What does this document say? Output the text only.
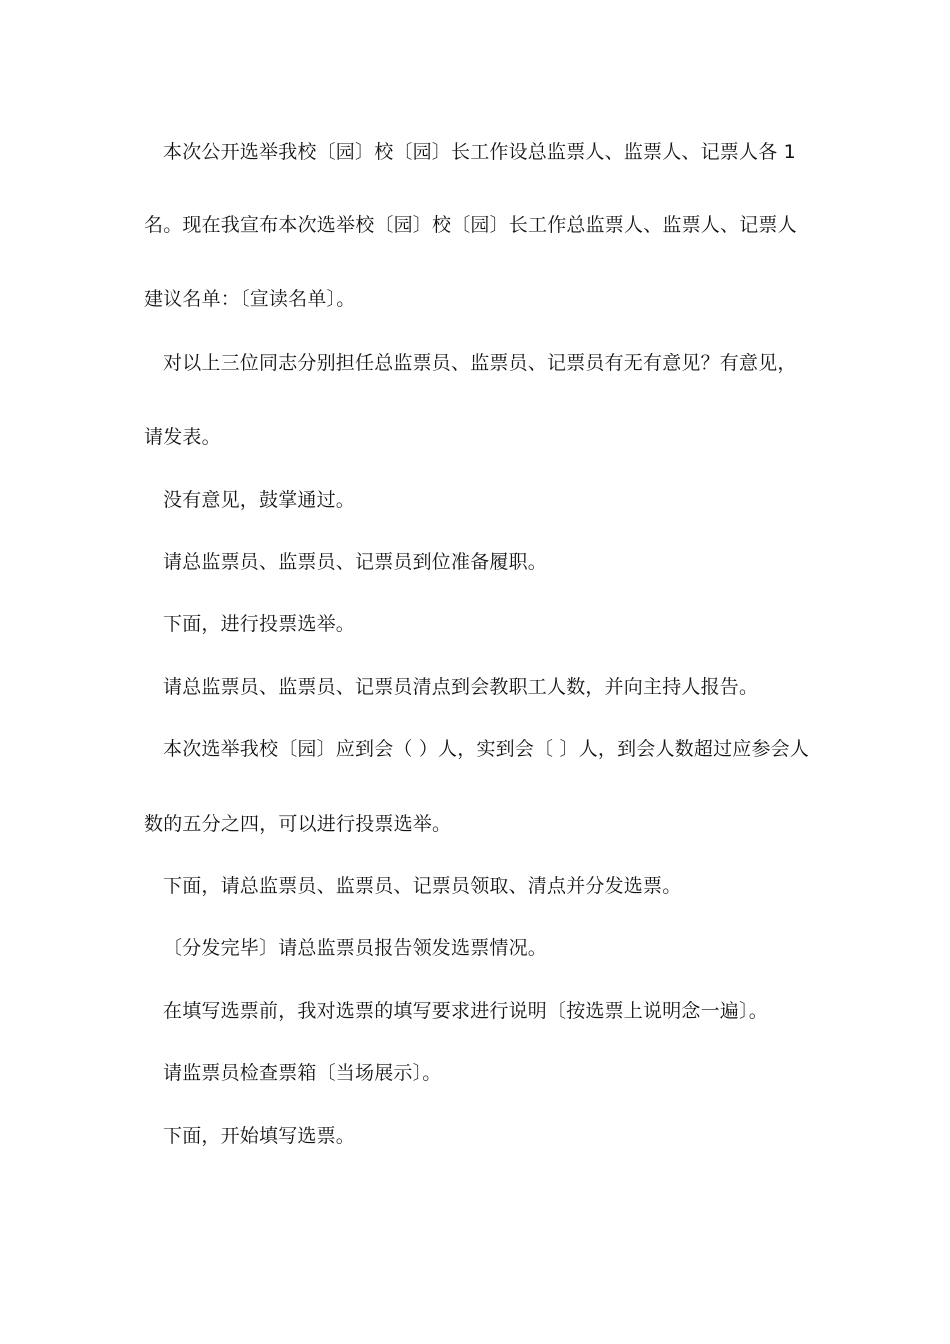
本次公开选举我校〔园〕校〔园〕长工作设总监票人、监票人、记票人各 1
名。现在我宣布本次选举校〔园〕校〔园〕长工作总监票人、监票人、记票人
建议名单：〔宣读名单〕。
对以上三位同志分别担任总监票员、监票员、记票员有无有意见？有意见，
请发表。
没有意见，鼓掌通过。
请总监票员、监票员、记票员到位准备履职。
下面，进行投票选举。
请总监票员、监票员、记票员清点到会教职工人数，并向主持人报告。
本次选举我校〔园〕应到会（ ）人，实到会〔 〕人，到会人数超过应参会人
数的五分之四，可以进行投票选举。
下面，请总监票员、监票员、记票员领取、清点并分发选票。
〔分发完毕〕请总监票员报告领发选票情况。
在填写选票前，我对选票的填写要求进行说明〔按选票上说明念一遍〕。
请监票员检查票箱〔当场展示〕。
下面，开始填写选票。
